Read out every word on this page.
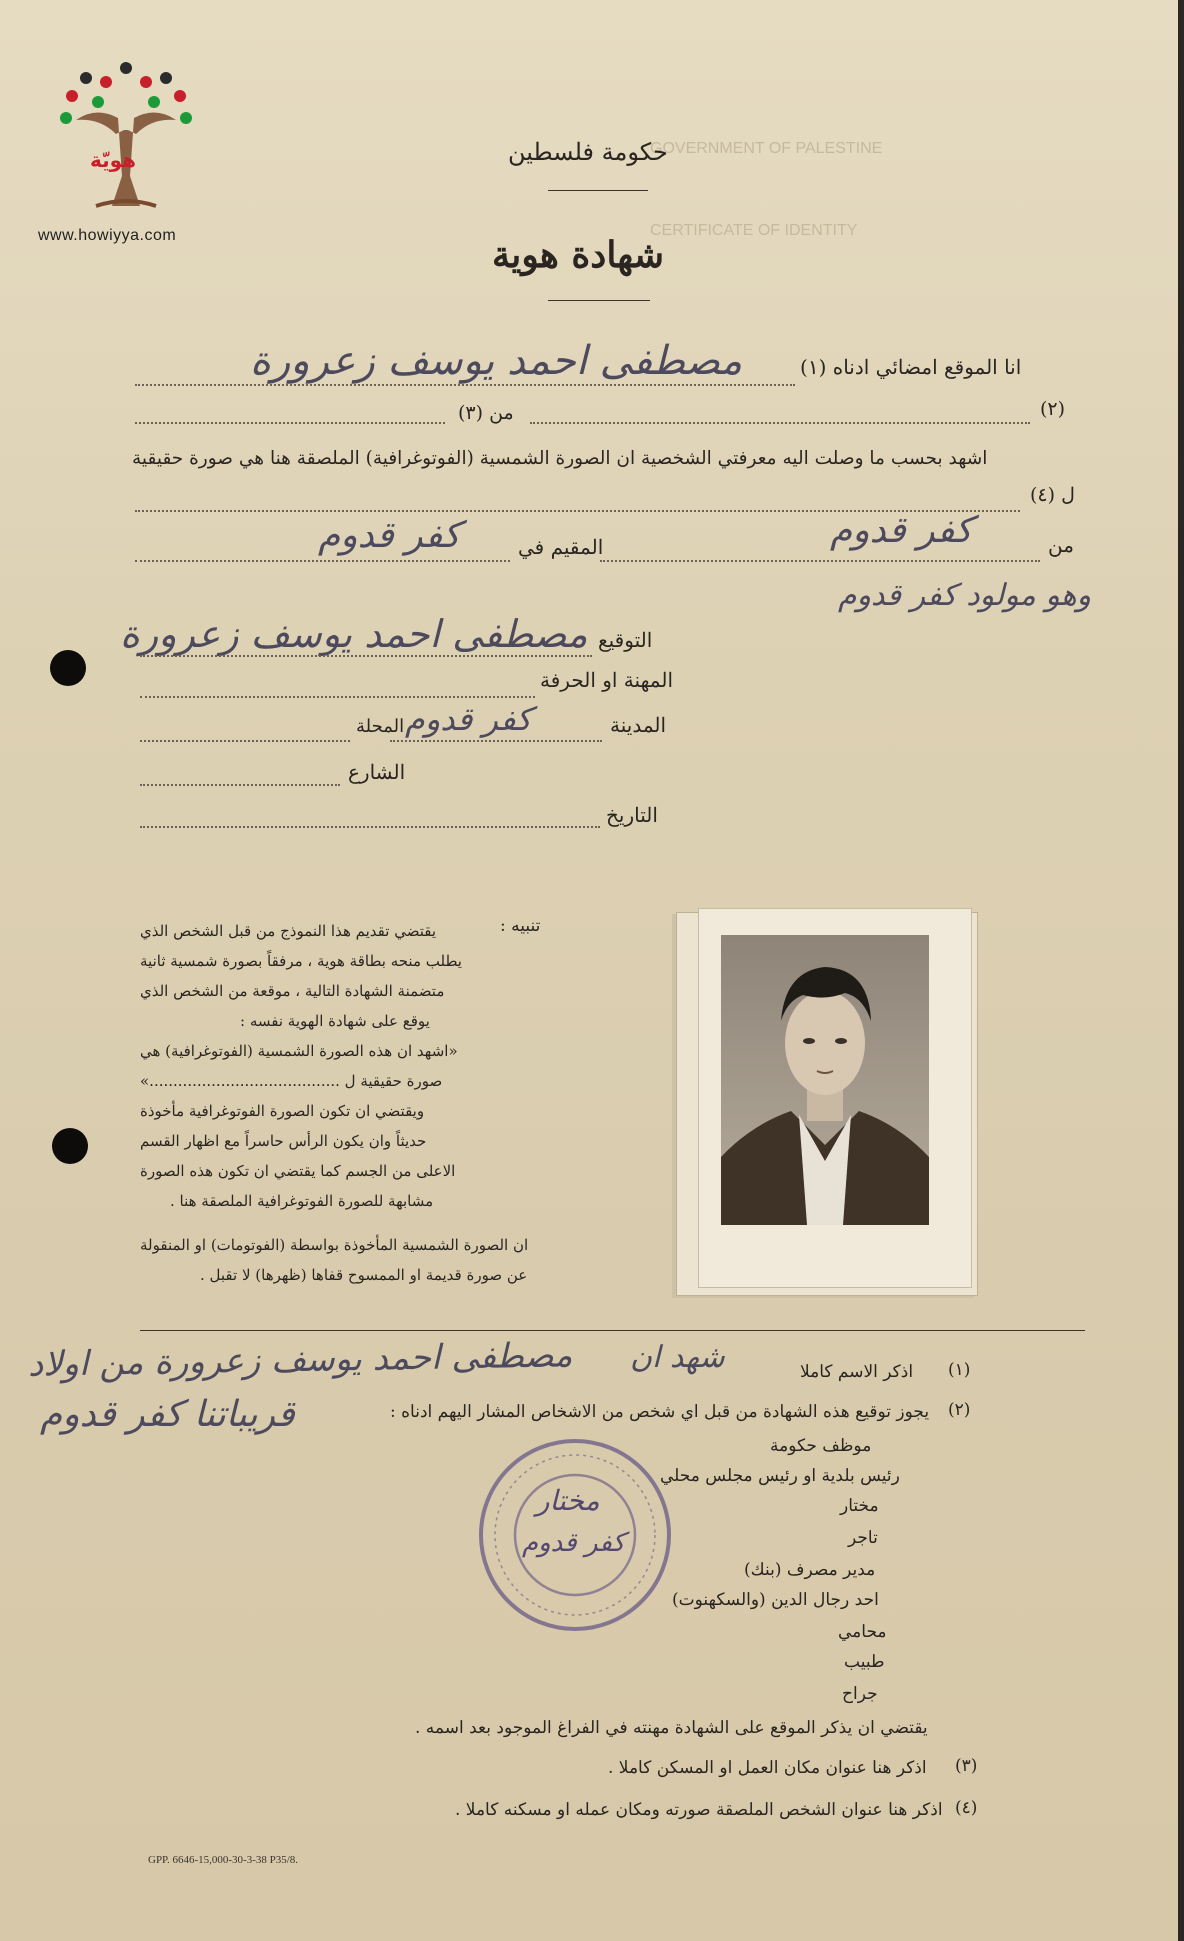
هويّة
www.howiyya.com
GOVERNMENT OF PALESTINE
CERTIFICATE OF IDENTITY
حكومة فلسطين
شهادة هوية
انا الموقع امضائي ادناه (١)
مصطفى احمد يوسف زعرورة
(٢)
من (٣)
اشهد بحسب ما وصلت اليه معرفتي الشخصية ان الصورة الشمسية (الفوتوغرافية) الملصقة هنا هي صورة حقيقية
ل (٤)
من
كفر قدوم
المقيم في
كفر قدوم
وهو مولود كفر قدوم
التوقيع
مصطفى احمد يوسف زعرورة
المهنة او الحرفة
المدينة
كفر قدوم
المحلة
الشارع
التاريخ
تنبيه :
يقتضي تقديم هذا النموذج من قبل الشخص الذي
يطلب منحه بطاقة هوية ، مرفقاً بصورة شمسية ثانية
متضمنة الشهادة التالية ، موقعة من الشخص الذي
يوقع على شهادة الهوية نفسه :
«اشهد ان هذه الصورة الشمسية (الفوتوغرافية) هي
صورة حقيقية ل ........................................»
ويقتضي ان تكون الصورة الفوتوغرافية مأخوذة
حديثاً وان يكون الرأس حاسراً مع اظهار القسم
الاعلى من الجسم كما يقتضي ان تكون هذه الصورة
مشابهة للصورة الفوتوغرافية الملصقة هنا .
ان الصورة الشمسية المأخوذة بواسطة (الفوتومات) او المنقولة
عن صورة قديمة او الممسوح قفاها (ظهرها) لا تقبل .
مصطفى احمد يوسف زعرورة من اولاد شهد ان
قريباتنا كفر قدوم
(١)
اذكر الاسم كاملا
(٢)
يجوز توقيع هذه الشهادة من قبل اي شخص من الاشخاص المشار اليهم ادناه :
موظف حكومة
رئيس بلدية او رئيس مجلس محلي
مختار
تاجر
مدير مصرف (بنك)
احد رجال الدين (والسكهنوت)
محامي
طبيب
جراح
يقتضي ان يذكر الموقع على الشهادة مهنته في الفراغ الموجود بعد اسمه .
(٣)
اذكر هنا عنوان مكان العمل او المسكن كاملا .
(٤)
اذكر هنا عنوان الشخص الملصقة صورته ومكان عمله او مسكنه كاملا .
مختار
كفر قدوم
GPP. 6646-15,000-30-3-38 P35/8.
